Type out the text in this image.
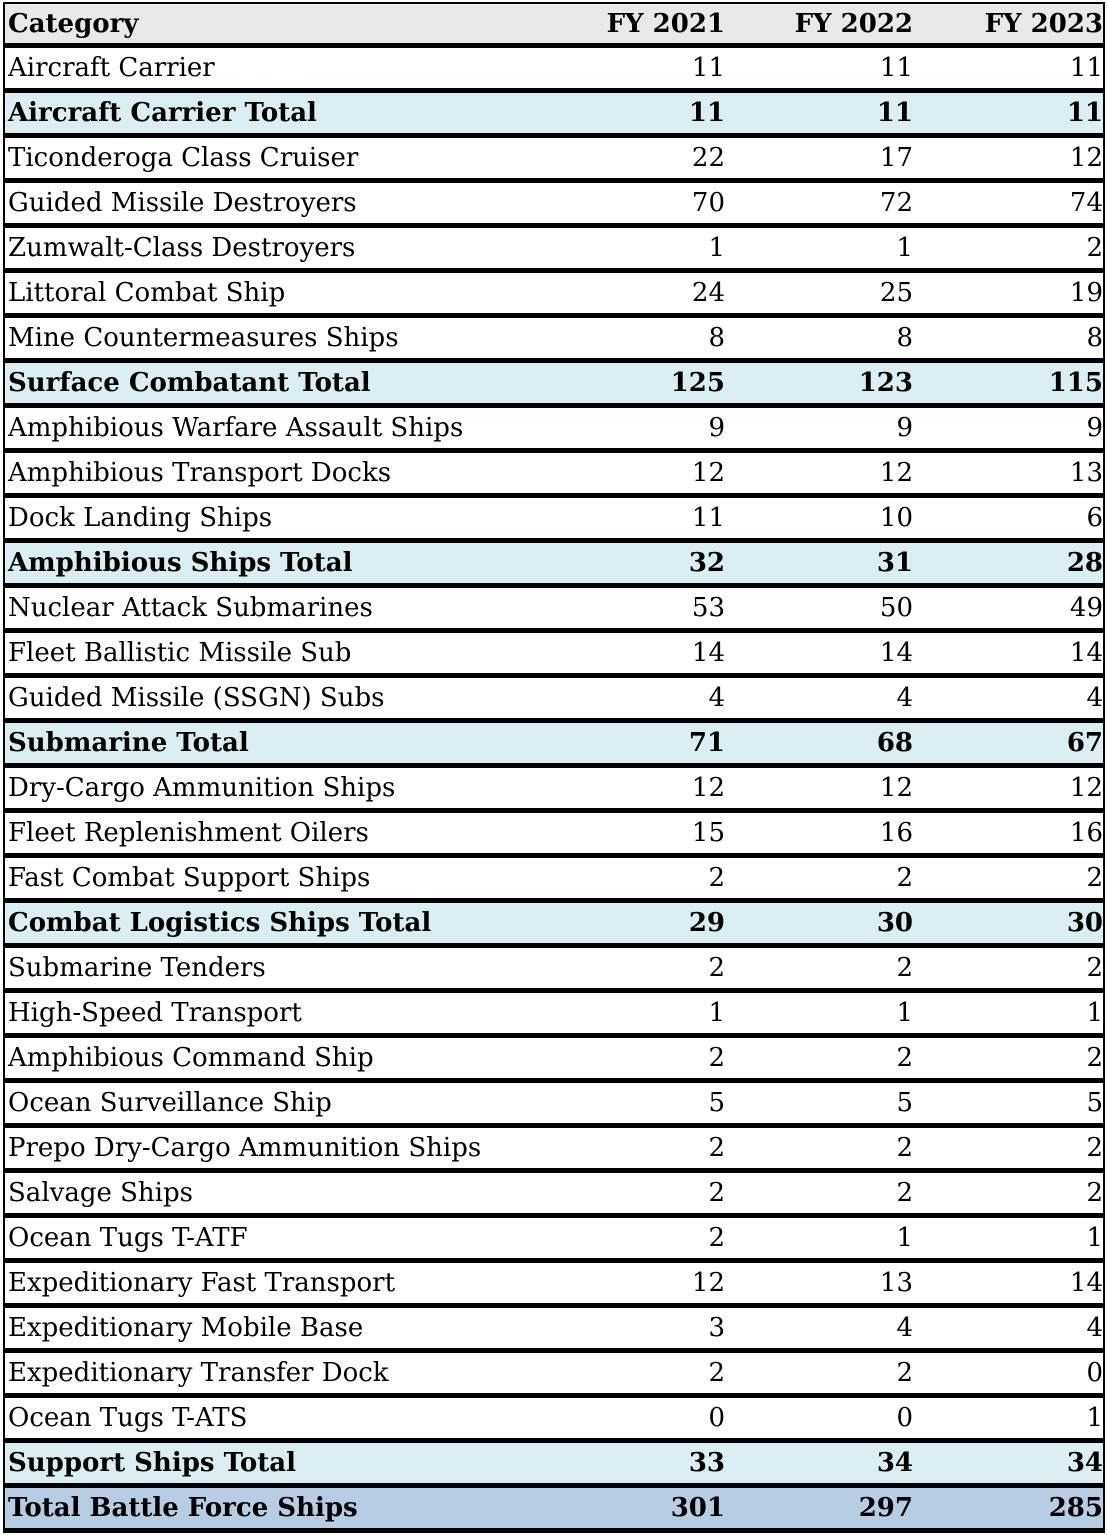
Category	FY 2021	FY 2022	FY 2023
Aircraft Carrier	11	11	11
Aircraft Carrier Total	11	11	11
Ticonderoga Class Cruiser	22	17	12
Guided Missile Destroyers	70	72	74
Zumwalt-Class Destroyers	1	1	2
Littoral Combat Ship	24	25	19
Mine Countermeasures Ships	8	8	8
Surface Combatant Total	125	123	115
Amphibious Warfare Assault Ships	9	9	9
Amphibious Transport Docks	12	12	13
Dock Landing Ships	11	10	6
Amphibious Ships Total	32	31	28
Nuclear Attack Submarines	53	50	49
Fleet Ballistic Missile Sub	14	14	14
Guided Missile (SSGN) Subs	4	4	4
Submarine Total	71	68	67
Dry-Cargo Ammunition Ships	12	12	12
Fleet Replenishment Oilers	15	16	16
Fast Combat Support Ships	2	2	2
Combat Logistics Ships Total	29	30	30
Submarine Tenders	2	2	2
High-Speed Transport	1	1	1
Amphibious Command Ship	2	2	2
Ocean Surveillance Ship	5	5	5
Prepo Dry-Cargo Ammunition Ships	2	2	2
Salvage Ships	2	2	2
Ocean Tugs T-ATF	2	1	1
Expeditionary Fast Transport	12	13	14
Expeditionary Mobile Base	3	4	4
Expeditionary Transfer Dock	2	2	0
Ocean Tugs T-ATS	0	0	1
Support Ships Total	33	34	34
Total Battle Force Ships	301	297	285
